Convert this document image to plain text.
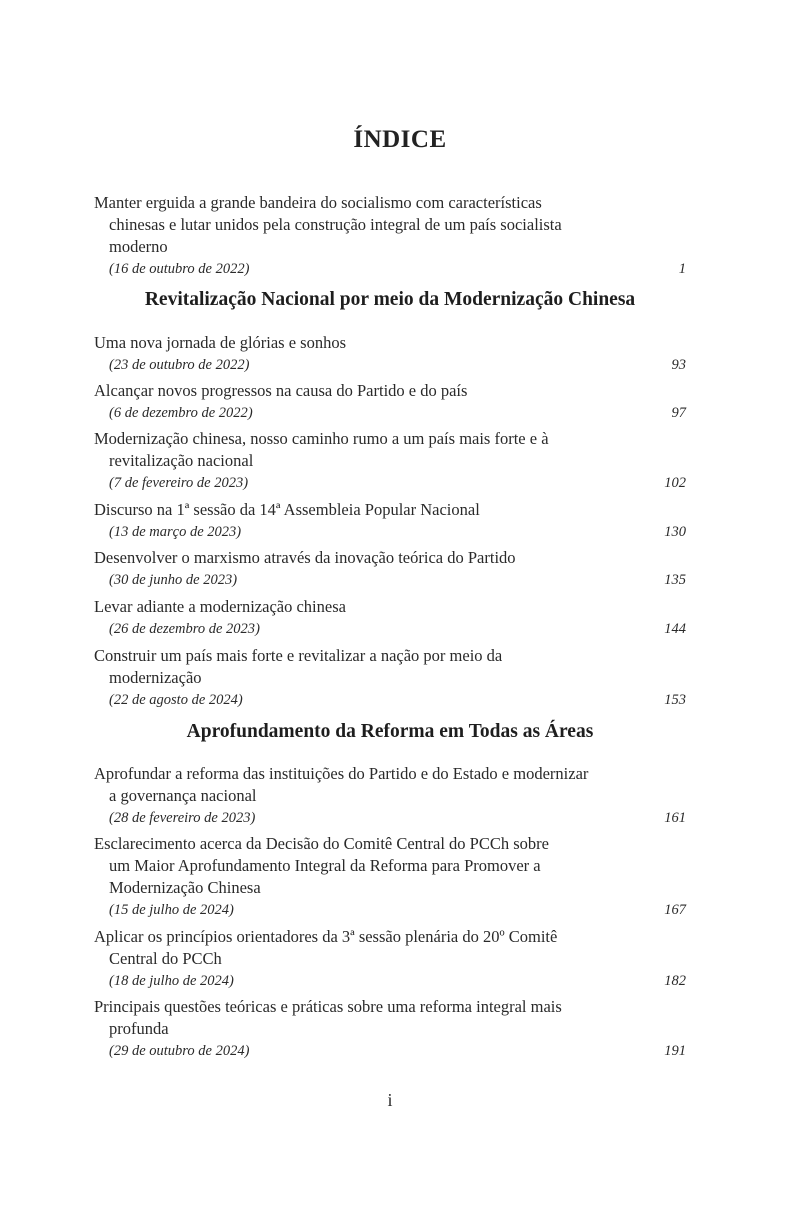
ÍNDICE
Manter erguida a grande bandeira do socialismo com características
chinesas e lutar unidos pela construção integral de um país socialista
moderno
(16 de outubro de 2022)	1
Revitalização Nacional por meio da Modernização Chinesa
Uma nova jornada de glórias e sonhos
(23 de outubro de 2022)	93
Alcançar novos progressos na causa do Partido e do país
(6 de dezembro de 2022)	97
Modernização chinesa, nosso caminho rumo a um país mais forte e à
revitalização nacional
(7 de fevereiro de 2023)	102
Discurso na 1ª sessão da 14ª Assembleia Popular Nacional
(13 de março de 2023)	130
Desenvolver o marxismo através da inovação teórica do Partido
(30 de junho de 2023)	135
Levar adiante a modernização chinesa
(26 de dezembro de 2023)	144
Construir um país mais forte e revitalizar a nação por meio da
modernização
(22 de agosto de 2024)	153
Aprofundamento da Reforma em Todas as Áreas
Aprofundar a reforma das instituições do Partido e do Estado e modernizar
a governança nacional
(28 de fevereiro de 2023)	161
Esclarecimento acerca da Decisão do Comitê Central do PCCh sobre
um Maior Aprofundamento Integral da Reforma para Promover a
Modernização Chinesa
(15 de julho de 2024)	167
Aplicar os princípios orientadores da 3ª sessão plenária do 20º Comitê
Central do PCCh
(18 de julho de 2024)	182
Principais questões teóricas e práticas sobre uma reforma integral mais
profunda
(29 de outubro de 2024)	191
i
